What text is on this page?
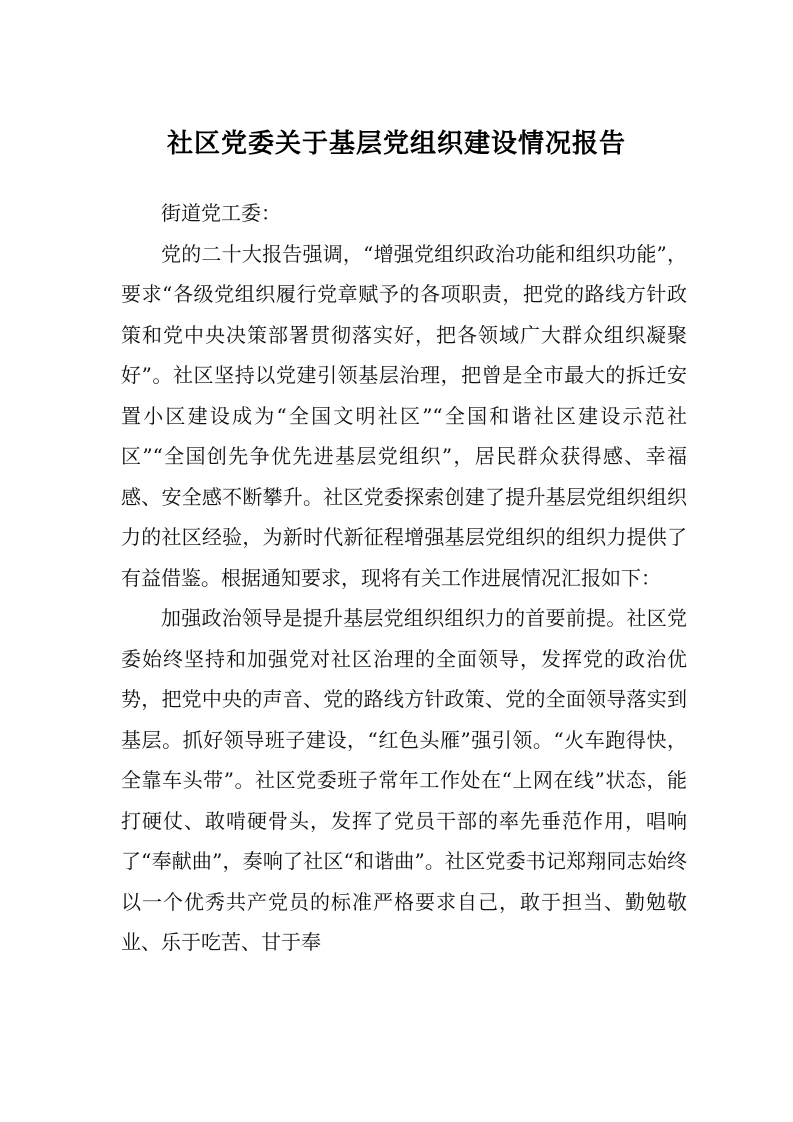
社区党委关于基层党组织建设情况报告

街道党工委：

党的二十大报告强调，“增强党组织政治功能和组织功能”，要求“各级党组织履行党章赋予的各项职责，把党的路线方针政策和党中央决策部署贯彻落实好，把各领域广大群众组织凝聚好”。社区坚持以党建引领基层治理，把曾是全市最大的拆迁安置小区建设成为“全国文明社区”“全国和谐社区建设示范社区”“全国创先争优先进基层党组织”，居民群众获得感、幸福感、安全感不断攀升。社区党委探索创建了提升基层党组织组织力的社区经验，为新时代新征程增强基层党组织的组织力提供了有益借鉴。根据通知要求，现将有关工作进展情况汇报如下：

加强政治领导是提升基层党组织组织力的首要前提。社区党委始终坚持和加强党对社区治理的全面领导，发挥党的政治优势，把党中央的声音、党的路线方针政策、党的全面领导落实到基层。抓好领导班子建设，“红色头雁”强引领。“火车跑得快，全靠车头带”。社区党委班子常年工作处在“上网在线”状态，能打硬仗、敢啃硬骨头，发挥了党员干部的率先垂范作用，唱响了“奉献曲”，奏响了社区“和谐曲”。社区党委书记郑翔同志始终以一个优秀共产党员的标准严格要求自己，敢于担当、勤勉敬业、乐于吃苦、甘于奉
